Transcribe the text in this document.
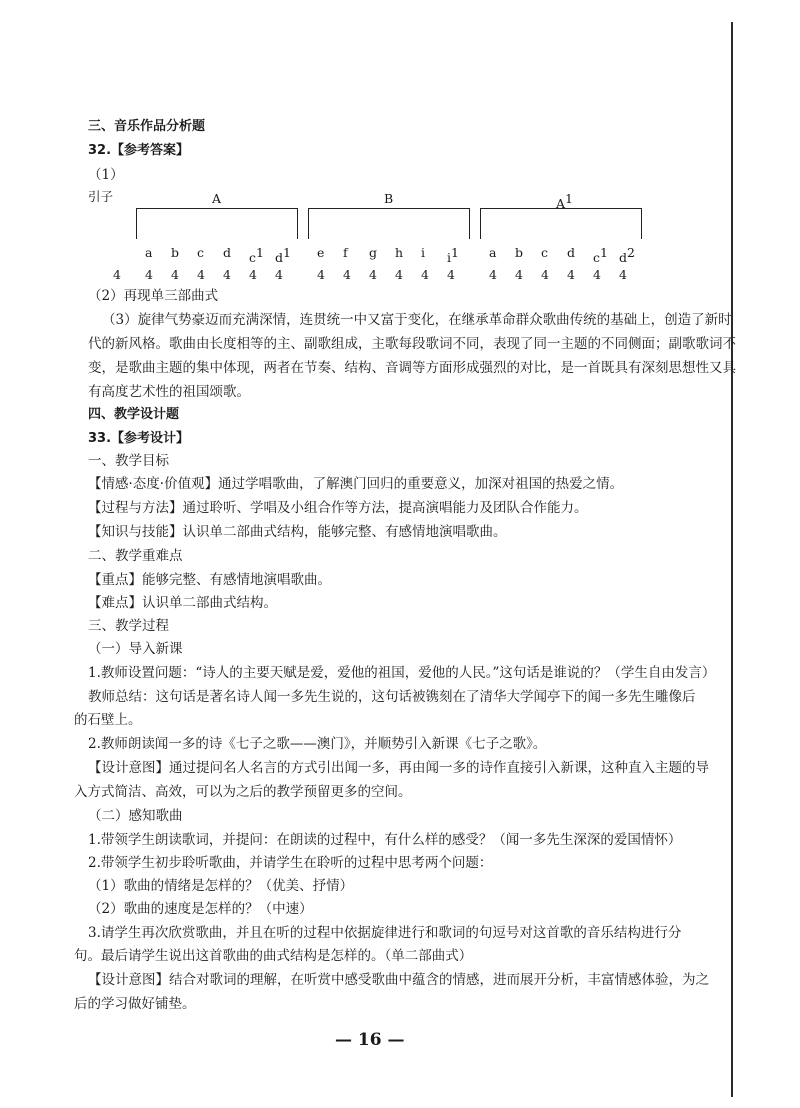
三、音乐作品分析题
32.【参考答案】
（1）
引子
4
A
a
4
b
4
c
4
d
4
c1
4
d1
4
B
e
4
f
4
g
4
h
4
i
4
i1
4
A1
a
4
b
4
c
4
d
4
c1
4
d2
4
（2）再现单三部曲式
（3）旋律气势豪迈而充满深情，连贯统一中又富于变化，在继承革命群众歌曲传统的基础上，创造了新时
代的新风格。歌曲由长度相等的主、副歌组成，主歌每段歌词不同，表现了同一主题的不同侧面；副歌歌词不
变，是歌曲主题的集中体现，两者在节奏、结构、音调等方面形成强烈的对比，是一首既具有深刻思想性又具
有高度艺术性的祖国颂歌。
四、教学设计题
33.【参考设计】
一、教学目标
【情感·态度·价值观】通过学唱歌曲，了解澳门回归的重要意义，加深对祖国的热爱之情。
【过程与方法】通过聆听、学唱及小组合作等方法，提高演唱能力及团队合作能力。
【知识与技能】认识单二部曲式结构，能够完整、有感情地演唱歌曲。
二、教学重难点
【重点】能够完整、有感情地演唱歌曲。
【难点】认识单二部曲式结构。
三、教学过程
（一）导入新课
1.教师设置问题：“诗人的主要天赋是爱，爱他的祖国，爱他的人民。”这句话是谁说的？（学生自由发言）
教师总结：这句话是著名诗人闻一多先生说的，这句话被镌刻在了清华大学闻亭下的闻一多先生雕像后
的石壁上。
2.教师朗读闻一多的诗《七子之歌——澳门》，并顺势引入新课《七子之歌》。
【设计意图】通过提问名人名言的方式引出闻一多，再由闻一多的诗作直接引入新课，这种直入主题的导
入方式简洁、高效，可以为之后的教学预留更多的空间。
（二）感知歌曲
1.带领学生朗读歌词，并提问：在朗读的过程中，有什么样的感受？（闻一多先生深深的爱国情怀）
2.带领学生初步聆听歌曲，并请学生在聆听的过程中思考两个问题：
（1）歌曲的情绪是怎样的？（优美、抒情）
（2）歌曲的速度是怎样的？（中速）
3.请学生再次欣赏歌曲，并且在听的过程中依据旋律进行和歌词的句逗号对这首歌的音乐结构进行分
句。最后请学生说出这首歌曲的曲式结构是怎样的。（单二部曲式）
【设计意图】结合对歌词的理解，在听赏中感受歌曲中蕴含的情感，进而展开分析，丰富情感体验，为之
后的学习做好铺垫。
— 16 —
